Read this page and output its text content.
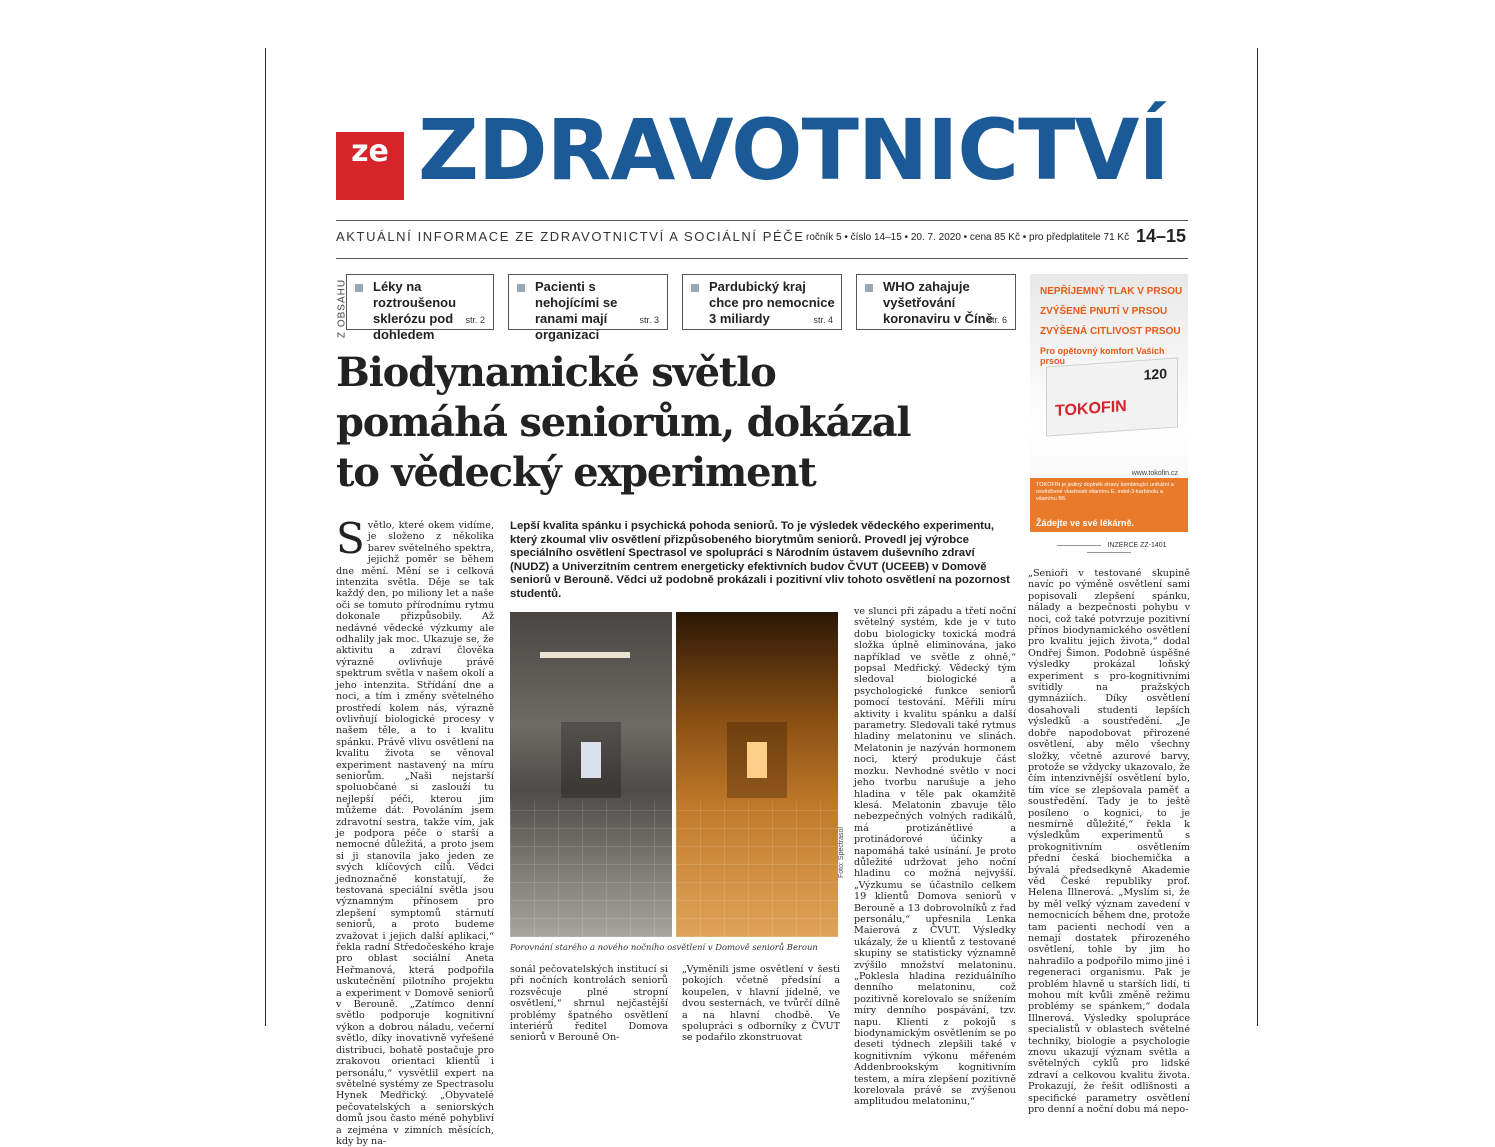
ze ZDRAVOTNICTVÍ
AKTUÁLNÍ INFORMACE ZE ZDRAVOTNICTVÍ A SOCIÁLNÍ PÉČE ročník 5 • číslo 14–15 • 20. 7. 2020 • cena 85 Kč • pro předplatitele 71 Kč 14–15
Z OBSAHU Léky na roztroušenou sklerózu pod dohledem
str. 2
Pacienti s nehojícími se ranami mají organizaci
str. 3
Pardubický kraj chce pro nemocnice 3 miliardy	str. 4
WHO zahajuje vyšetřování koronaviru v Číně
str. 6
Biodynamické světlo pomáhá seniorům, dokázal to vědecký experiment
NEPŘÍJEMNÝ TLAK V PRSOU
ZVÝŠENÉ PNUTÍ V PRSOU
ZVÝŠENÁ CITLIVOST PRSOU
Pro opětovný komfort Vašich prsou
120
TOKOFIN
www.tokofin.cz
TOKOFIN je jediný doplněk stravy kombinující unikátní a osvědčené vlastnosti vitamínu E, indol-3-karbinolu a vitamínu B6.
Žádejte ve své lékárně.
INZERCE ZZ-1401
Světlo, které okem vidíme, je složeno z několika barev světelného spektra, jejichž poměr se během dne mění. Mění se i celková intenzita světla. Děje se tak každý den, po miliony let a naše oči se tomuto přírodnímu rytmu dokonale přizpůsobily. Až nedávné vědecké výzkumy ale odhalily jak moc. Ukazuje se, že aktivitu a zdraví člověka výrazně ovlivňuje právě spektrum světla v našem okolí a jeho intenzita. Střídání dne a noci, a tím i změny světelného prostředí kolem nás, výrazně ovlivňují biologické procesy v našem těle, a to i kvalitu spánku. Právě vlivu osvětlení na kvalitu života se věnoval experiment nastavený na míru seniorům. „Naši nejstarší spoluobčané si zaslouží tu nejlepší péči, kterou jim můžeme dát. Povoláním jsem zdravotní sestra, takže vím, jak je podpora péče o starší a nemocné důležitá, a proto jsem si ji stanovila jako jeden ze svých klíčových cílů. Vědci jednoznačně konstatují, že testovaná speciální světla jsou významným přínosem pro zlepšení symptomů stárnutí seniorů, a proto budeme zvažovat i jejich další aplikaci,“ řekla radní Středočeského kraje pro oblast sociální Aneta Heřmanová, která podpořila uskutečnění pilotního projektu a experiment v Domově seniorů v Berouně. „Zatímco denní světlo podporuje kognitivní výkon a dobrou náladu, večerní světlo, díky inovativně vyřešené distribuci, bohatě postačuje pro zrakovou orientaci klientů i personálu,“ vysvětlil expert na světelné systémy ze Spectrasolu Hynek Medřický. „Obyvatelé pečovatelských a seniorských domů jsou často méně pohybliví a zejména v zimních měsících, kdy by na-
Lepší kvalita spánku i psychická pohoda seniorů. To je výsledek vědeckého experimentu, který zkoumal vliv osvětlení přizpůsobeného biorytmům seniorů. Provedl jej výrobce speciálního osvětlení Spectrasol ve spolupráci s Národním ústavem duševního zdraví (NUDZ) a Univerzitním centrem energeticky efektivních budov ČVUT (UCEEB) v Domově seniorů v Berouně. Vědci už podobně prokázali i pozitivní vliv tohoto osvětlení na pozornost studentů.
Foto: Spectrasol
Porovnání starého a nového nočního osvětlení v Domově seniorů Beroun
sonál pečovatelských institucí si při nočních kontrolách seniorů rozsvěcuje plné stropní osvětlení,“ shrnul nejčastější problémy špatného osvětlení interiérů ředitel Domova seniorů v Berouně On-
„Vyměnili jsme osvětlení v šesti pokojích včetně předsíní a koupelen, v hlavní jídelně, ve dvou sesternách, ve tvůrčí dílně a na hlavní chodbě. Ve spolupráci s odborníky z ČVUT se podařilo zkonstruovat
ve slunci při západu a třetí noční světelný systém, kde je v tuto dobu biologicky toxická modrá složka úplně eliminována, jako například ve světle z ohně,“ popsal Medřický. Vědecký tým sledoval biologické a psychologické funkce seniorů pomocí testování. Měřili míru aktivity i kvalitu spánku a další parametry. Sledovali také rytmus hladiny melatoninu ve slinách. Melatonin je nazýván hormonem noci, který produkuje část mozku. Nevhodné světlo v noci jeho tvorbu narušuje a jeho hladina v těle pak okamžitě klesá. Melatonin zbavuje tělo nebezpečných volných radikálů, má protizánětlivé a protinádorové účinky a napomáhá také usínání. Je proto důležité udržovat jeho noční hladinu co možná nejvyšší. „Výzkumu se účastnilo celkem 19 klientů Domova seniorů v Berouně a 13 dobrovolníků z řad personálu,“ upřesnila Lenka Maierová z ČVUT. Výsledky ukázaly, že u klientů z testované skupiny se statisticky významně zvýšilo množství melatoninu. „Poklesla hladina reziduálního denního melatoninu, což pozitivně korelovalo se snížením míry denního pospávání, tzv. napu. Klienti z pokojů s biodynamickým osvětlením se po deseti týdnech zlepšili také v kognitivním výkonu měřeném Addenbrookským kognitivním testem, a míra zlepšení pozitivně korelovala právě se zvýšenou amplitudou melatoninu,“
„Senioři v testované skupině navíc po výměně osvětlení sami popisovali zlepšení spánku, nálady a bezpečnosti pohybu v noci, což také potvrzuje pozitivní přínos biodynamického osvětlení pro kvalitu jejich života,“ dodal Ondřej Šimon. Podobně úspěšné výsledky prokázal loňský experiment s pro-kognitivními svítidly na pražských gymnáziích. Díky osvětlení dosahovali studenti lepších výsledků a soustředění. „Je dobře napodobovat přirozené osvětlení, aby mělo všechny složky, včetně azurové barvy, protože se vždycky ukazovalo, že čím intenzivnější osvětlení bylo, tím více se zlepšovala paměť a soustředění. Tady je to ještě posíleno o kognici, to je nesmírně důležité,“ řekla k výsledkům experimentů s prokognitivním osvětlením přední česká biochemička a bývalá předsedkyně Akademie věd České republiky prof. Helena Illnerová. „Myslím si, že by měl velký význam zavedení v nemocnicích během dne, protože tam pacienti nechodí ven a nemají dostatek přirozeného osvětlení, tohle by jim ho nahradilo a podpořilo mimo jiné i regeneraci organismu. Pak je problém hlavně u starších lidí, ti mohou mít kvůli změně režimu problémy se spánkem,“ dodala Illnerová. Výsledky spolupráce specialistů v oblastech světelné techniky, biologie a psychologie znovu ukazují význam světla a světelných cyklů pro lidské zdraví a celkovou kvalitu života. Prokazují, že řešit odlišnosti a specifické parametry osvětlení pro denní a noční dobu má nepo-
